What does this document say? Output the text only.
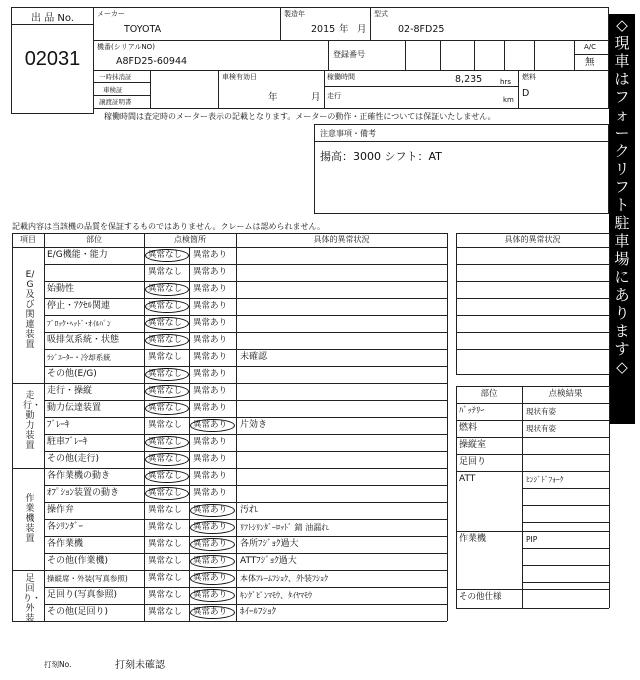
出 品 No.
02031
メーカー
TOYOTA
製造年
2015 年 月
型式
02-8FD25
機番(シリアルNO)
A8FD25-60944
登録番号
A/C
無
一時抹消証
車検証
譲渡証明書
車検有効日
年	月
稼働時間	8,235	hrs
走行	km
燃料
D
稼働時間は査定時のメーター表示の記載となります。メーターの動作・正確性については保証いたしません。
注意事項・備考
揚高：3000 シフト：AT
◇現車はフォークリフト駐車場にあります◇
記載内容は当該機の品質を保証するものではありません。クレームは認められません。
項目	部位	点検箇所	具体的異常状況
E/G及び関連装置
E/G機能・能力	異常なし 異常あり
異常なし 異常あり
始動性	異常なし 異常あり
停止・ｱｸｾﾙ関連	異常なし 異常あり
ﾌﾞﾛｯｸ･ﾍｯﾄﾞ･ｵｲﾙﾊﾟﾝ	異常なし 異常あり
吸排気系統・状態	異常なし 異常あり
ﾗｼﾞｴｰﾀｰ・冷却系統	異常なし 異常あり 未確認
その他(E/G)	異常なし 異常あり
走行・動力装置
走行・操縦	異常なし 異常あり
動力伝達装置	異常なし 異常あり
ﾌﾞﾚｰｷ	異常なし 異常あり 片効き
駐車ﾌﾞﾚｰｷ	異常なし 異常あり
その他(走行)	異常なし 異常あり
作業機装置
各作業機の動き	異常なし 異常あり
ｵﾌﾟｼｮﾝ装置の動き	異常なし 異常あり
操作弁	異常なし 異常あり 汚れ
各ｼﾘﾝﾀﾞｰ	異常なし 異常あり ﾘﾌﾄｼﾘﾝﾀﾞｰﾛｯﾄﾞ 錆 油漏れ
各作業機	異常なし 異常あり 各所ﾌｼﾞｮｸ過大
その他(作業機)	異常なし 異常あり ATTﾌｼﾞｮｸ過大
足回り・外装
操縦席・外装(写真参照)	異常なし 異常あり 本体ﾌﾚｰﾑﾌｼｮｸ、外装ﾌｼｮｸ
足回り(写真参照)	異常なし 異常あり ｷﾝｸﾞﾋﾟﾝﾏﾓｳ、ﾀｲﾔﾏﾓｳ
その他(足回り)	異常なし 異常あり ﾎｲｰﾙﾌｼｮｸ
具体的異常状況
部位	点検結果
ﾊﾞｯﾃﾘｰ	現状有姿
燃料	現状有姿
操縦室
足回り
ATT	ﾋﾝｼﾞﾄﾞﾌｫｰｸ
作業機	PIP
その他仕様
打刻No.	打刻未確認
